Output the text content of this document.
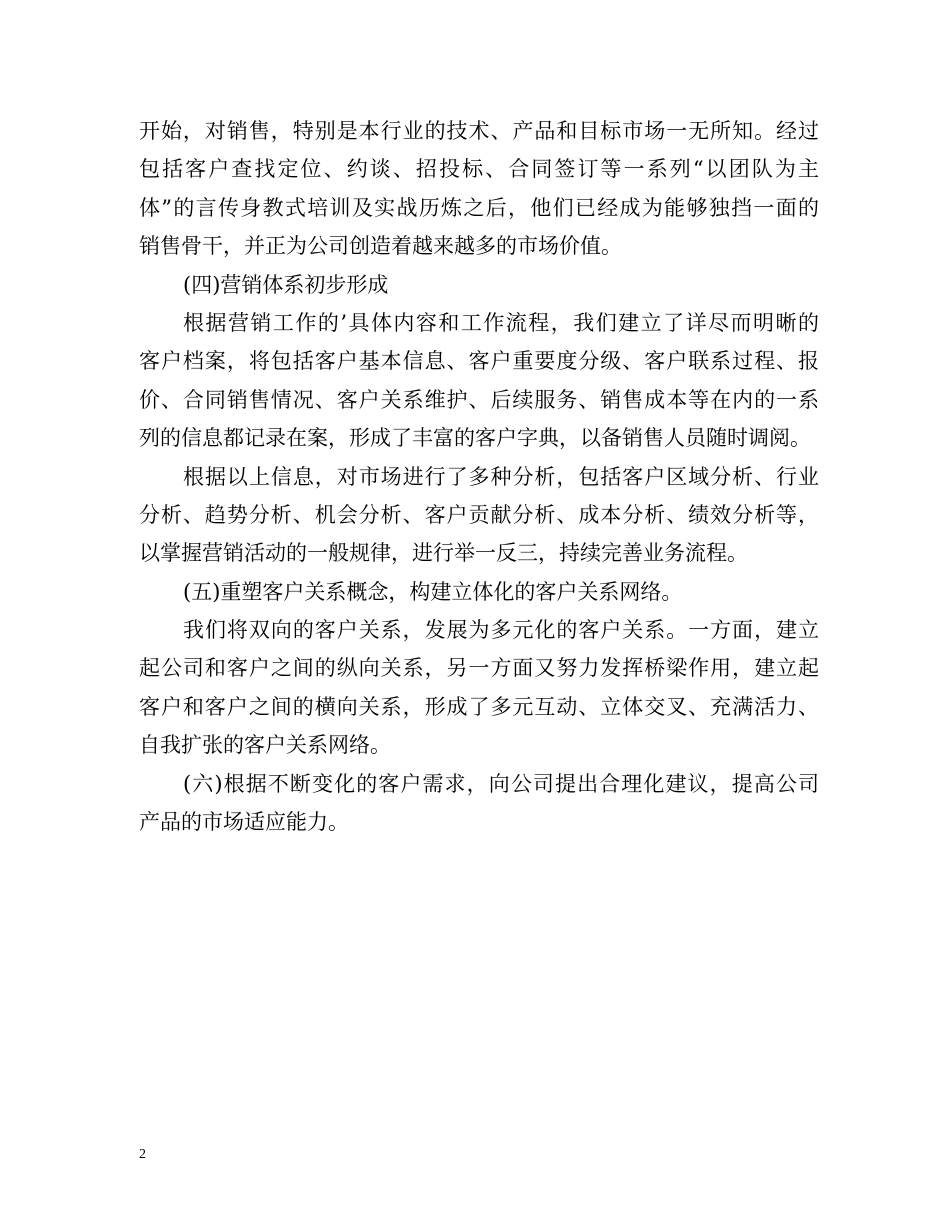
开始，对销售，特别是本行业的技术、产品和目标市场一无所知。经过
包括客户查找定位、约谈、招投标、合同签订等一系列“以团队为主
体”的言传身教式培训及实战历炼之后，他们已经成为能够独挡一面的
销售骨干，并正为公司创造着越来越多的市场价值。
(四)营销体系初步形成
根据营销工作的’具体内容和工作流程，我们建立了详尽而明晰的
客户档案，将包括客户基本信息、客户重要度分级、客户联系过程、报
价、合同销售情况、客户关系维护、后续服务、销售成本等在内的一系
列的信息都记录在案，形成了丰富的客户字典，以备销售人员随时调阅。
根据以上信息，对市场进行了多种分析，包括客户区域分析、行业
分析、趋势分析、机会分析、客户贡献分析、成本分析、绩效分析等，
以掌握营销活动的一般规律，进行举一反三，持续完善业务流程。
(五)重塑客户关系概念，构建立体化的客户关系网络。
我们将双向的客户关系，发展为多元化的客户关系。一方面，建立
起公司和客户之间的纵向关系，另一方面又努力发挥桥梁作用，建立起
客户和客户之间的横向关系，形成了多元互动、立体交叉、充满活力、
自我扩张的客户关系网络。
(六)根据不断变化的客户需求，向公司提出合理化建议，提高公司
产品的市场适应能力。
2
